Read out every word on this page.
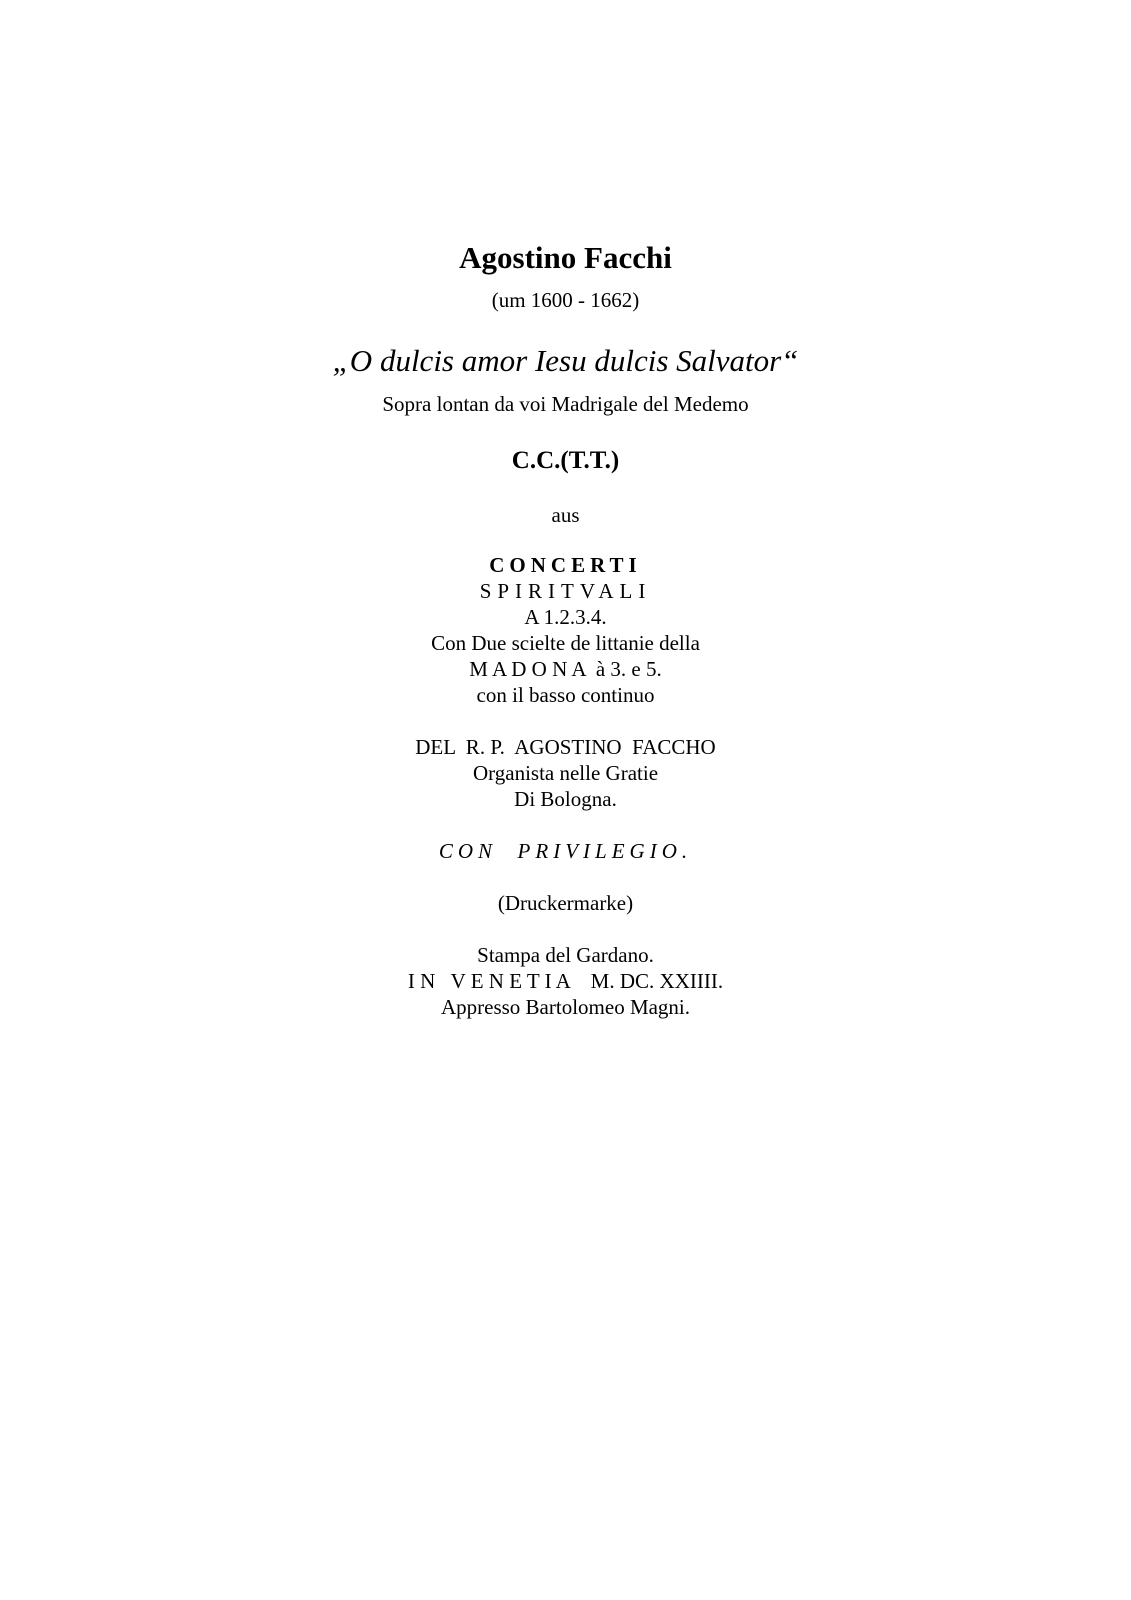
Agostino Facchi
(um 1600 - 1662)
„O dulcis amor Iesu dulcis Salvator“
Sopra lontan da voi Madrigale del Medemo
C.C.(T.T.)
aus
CONCERTI
SPIRITVALI
A 1.2.3.4.
Con Due scielte de littanie della
M A D O N A  à 3. e 5.
con il basso continuo
DEL  R. P.  AGOSTINO  FACCHO
Organista nelle Gratie
Di Bologna.
CON  PRIVILEGIO.
(Druckermarke)
Stampa del Gardano.
I N   V E N E T I A    M. DC. XXIIII.
Appresso Bartolomeo Magni.
